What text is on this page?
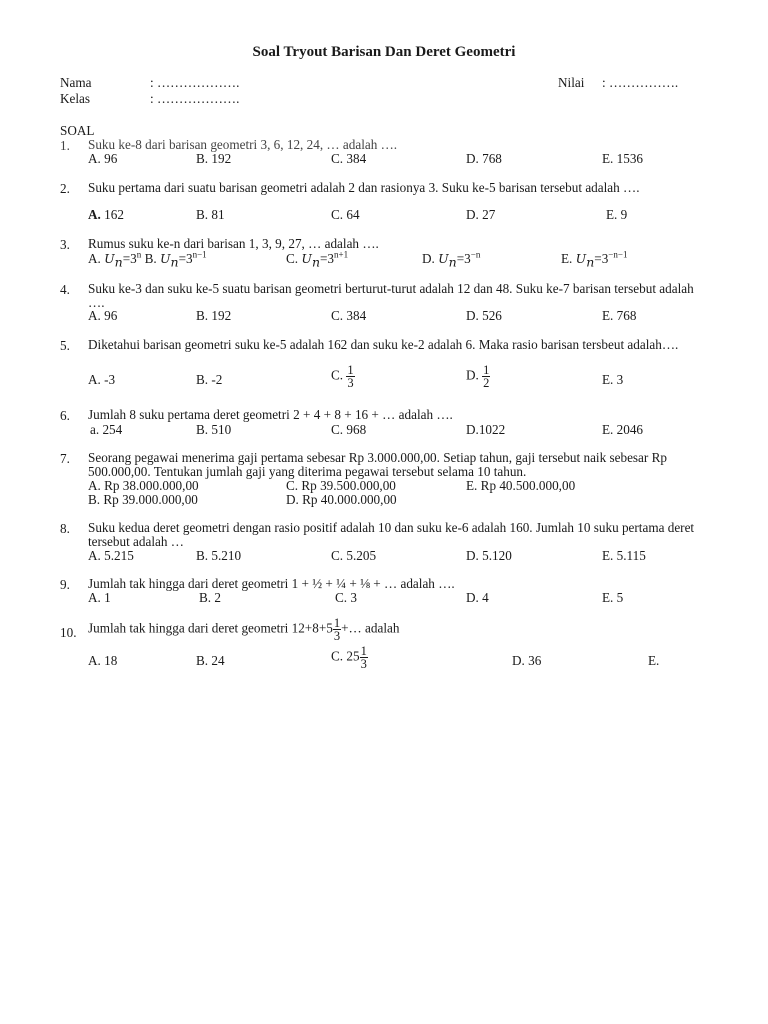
Soal Tryout Barisan Dan Deret Geometri
Nama	: ……………….	Nilai : …………….
Kelas	: ……………….
SOAL
1. Suku ke-8 dari barisan geometri 3, 6, 12, 24, … adalah ….
A. 96	B. 192	C. 384	D. 768	E. 1536
2. Suku pertama dari suatu barisan geometri adalah 2 dan rasionya 3. Suku ke-5 barisan tersebut adalah ….
A. 162	B. 81	C. 64	D. 27	E. 9
3. Rumus suku ke-n dari barisan 1, 3, 9, 27, … adalah ….
A. $U_n=3^n$ B. $U_n=3^{n-1}$	C. $U_n=3^{n+1}$	D. $U_n=3^{-n}$	E. $U_n=3^{-n-1}$
4. Suku ke-3 dan suku ke-5 suatu barisan geometri berturut-turut adalah 12 dan 48. Suku ke-7 barisan tersebut adalah ….
A. 96	B. 192	C. 384	D. 526	E. 768
5. Diketahui barisan geometri suku ke-5 adalah 162 dan suku ke-2 adalah 6. Maka rasio barisan tersbeut adalah….
A. -3	B. -2	C. $\frac{1}{3}$	D. $\frac{1}{2}$	E. 3
6. Jumlah 8 suku pertama deret geometri 2 + 4 + 8 + 16 + … adalah ….
a. 254	B. 510	C. 968	D.1022	E. 2046
7. Seorang pegawai menerima gaji pertama sebesar Rp 3.000.000,00. Setiap tahun, gaji tersebut naik sebesar Rp 500.000,00. Tentukan jumlah gaji yang diterima pegawai tersebut selama 10 tahun.
A. Rp 38.000.000,00	C. Rp 39.500.000,00	E. Rp 40.500.000,00
B. Rp 39.000.000,00	D. Rp 40.000.000,00
8. Suku kedua deret geometri dengan rasio positif adalah 10 dan suku ke-6 adalah 160. Jumlah 10 suku pertama deret tersebut adalah …
A. 5.215	B. 5.210	C. 5.205	D. 5.120	E. 5.115
9. Jumlah tak hingga dari deret geometri 1 + ½ + ¼ + ⅛ + … adalah ….
A. 1	B. 2	C. 3	D. 4	E. 5
10. Jumlah tak hingga dari deret geometri $12+8+5 \frac{1}{3}$ +… adalah
A. 18	B. 24	C. $25 \frac{1}{3}$	D. 36	E.
